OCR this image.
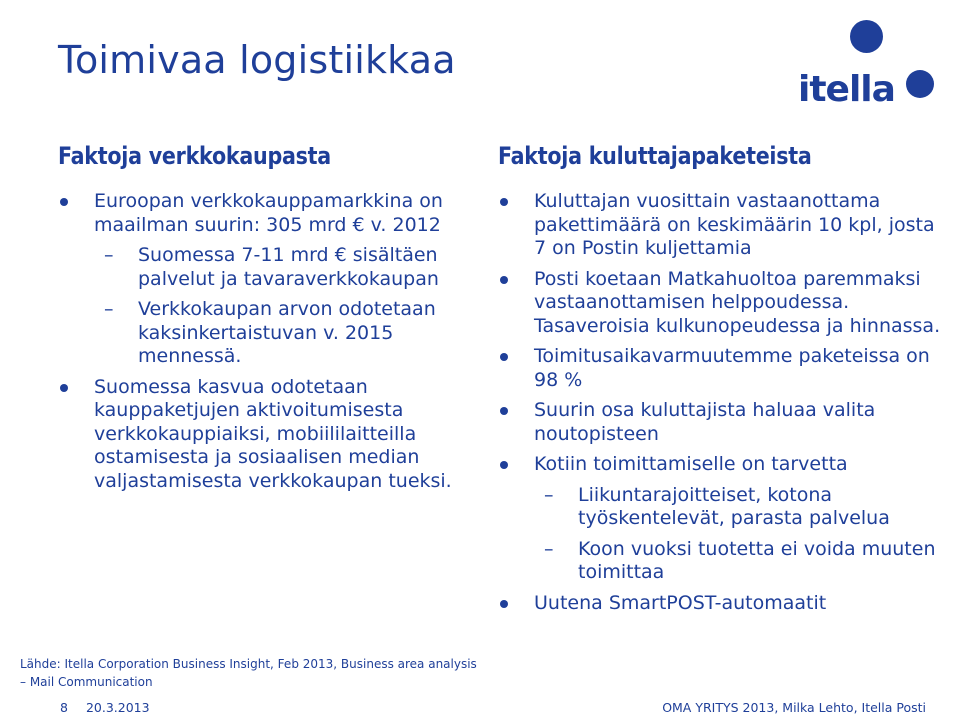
Toimivaa logistiikkaa
itella
Faktoja verkkokaupasta
Euroopan verkkokauppamarkkina on maailman suurin: 305 mrd € v. 2012
– Suomessa 7-11 mrd € sisältäen palvelut ja tavaraverkkokaupan
– Verkkokaupan arvon odotetaan kaksinkertaistuvan v. 2015 mennessä.
Suomessa kasvua odotetaan kauppaketjujen aktivoitumisesta verkkokauppiaiksi, mobiililaitteilla ostamisesta ja sosiaalisen median valjastamisesta verkkokaupan tueksi.
Faktoja kuluttajapaketeista
Kuluttajan vuosittain vastaanottama pakettimäärä on keskimäärin 10 kpl, josta 7 on Postin kuljettamia
Posti koetaan Matkahuoltoa paremmaksi vastaanottamisen helppoudessa. Tasaveroisia kulkunopeudessa ja hinnassa.
Toimitusaikavarmuutemme paketeissa on 98 %
Suurin osa kuluttajista haluaa valita noutopisteen
Kotiin toimittamiselle on tarvetta
– Liikuntarajoitteiset, kotona työskentelevät, parasta palvelua
– Koon vuoksi tuotetta ei voida muuten toimittaa
Uutena SmartPOST-automaatit
Lähde: Itella Corporation Business Insight, Feb 2013, Business area analysis – Mail Communication
8 20.3.2013	OMA YRITYS 2013, Milka Lehto, Itella Posti
